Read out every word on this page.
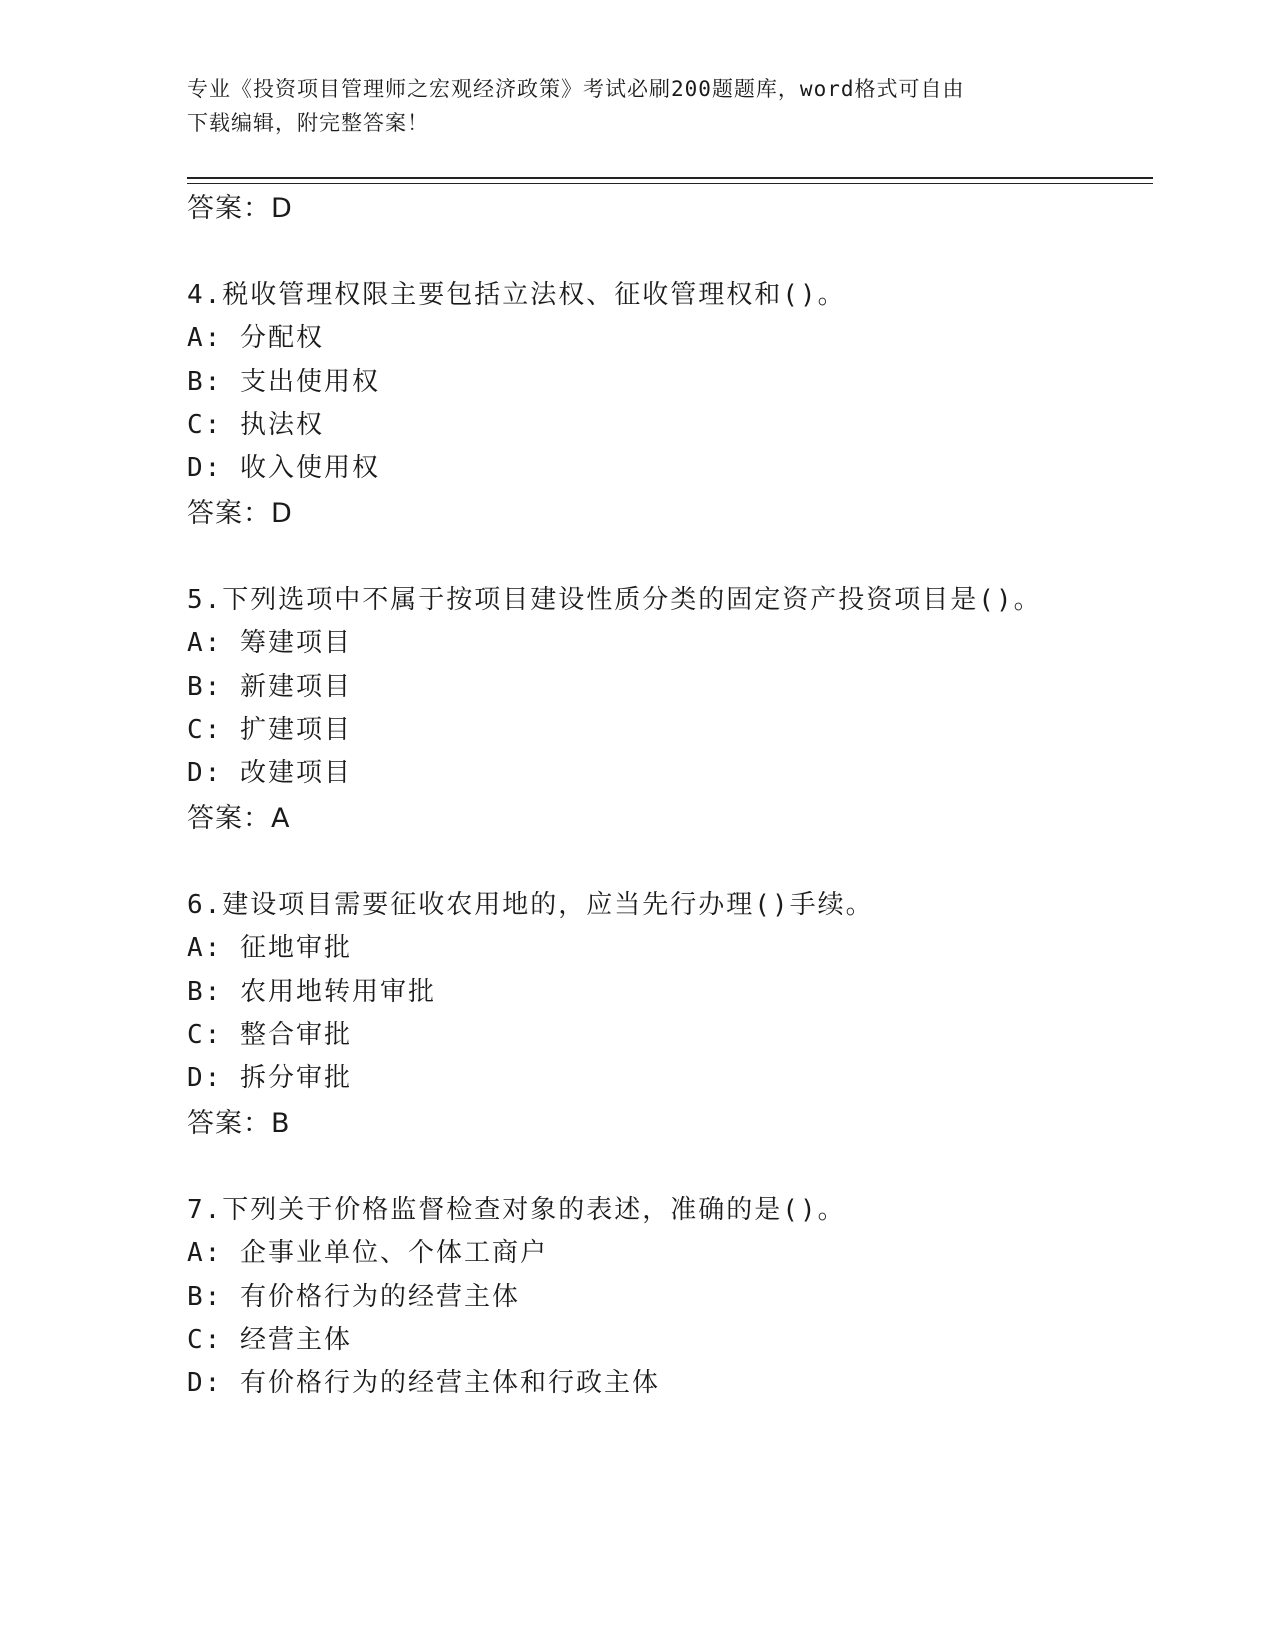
专业《投资项目管理师之宏观经济政策》考试必刷200题题库，word格式可自由
下载编辑，附完整答案！
答案：D
4.税收管理权限主要包括立法权、征收管理权和()。
A: 分配权
B: 支出使用权
C: 执法权
D: 收入使用权
答案：D
5.下列选项中不属于按项目建设性质分类的固定资产投资项目是()。
A: 筹建项目
B: 新建项目
C: 扩建项目
D: 改建项目
答案：A
6.建设项目需要征收农用地的，应当先行办理()手续。
A: 征地审批
B: 农用地转用审批
C: 整合审批
D: 拆分审批
答案：B
7.下列关于价格监督检查对象的表述，准确的是()。
A: 企事业单位、个体工商户
B: 有价格行为的经营主体
C: 经营主体
D: 有价格行为的经营主体和行政主体
